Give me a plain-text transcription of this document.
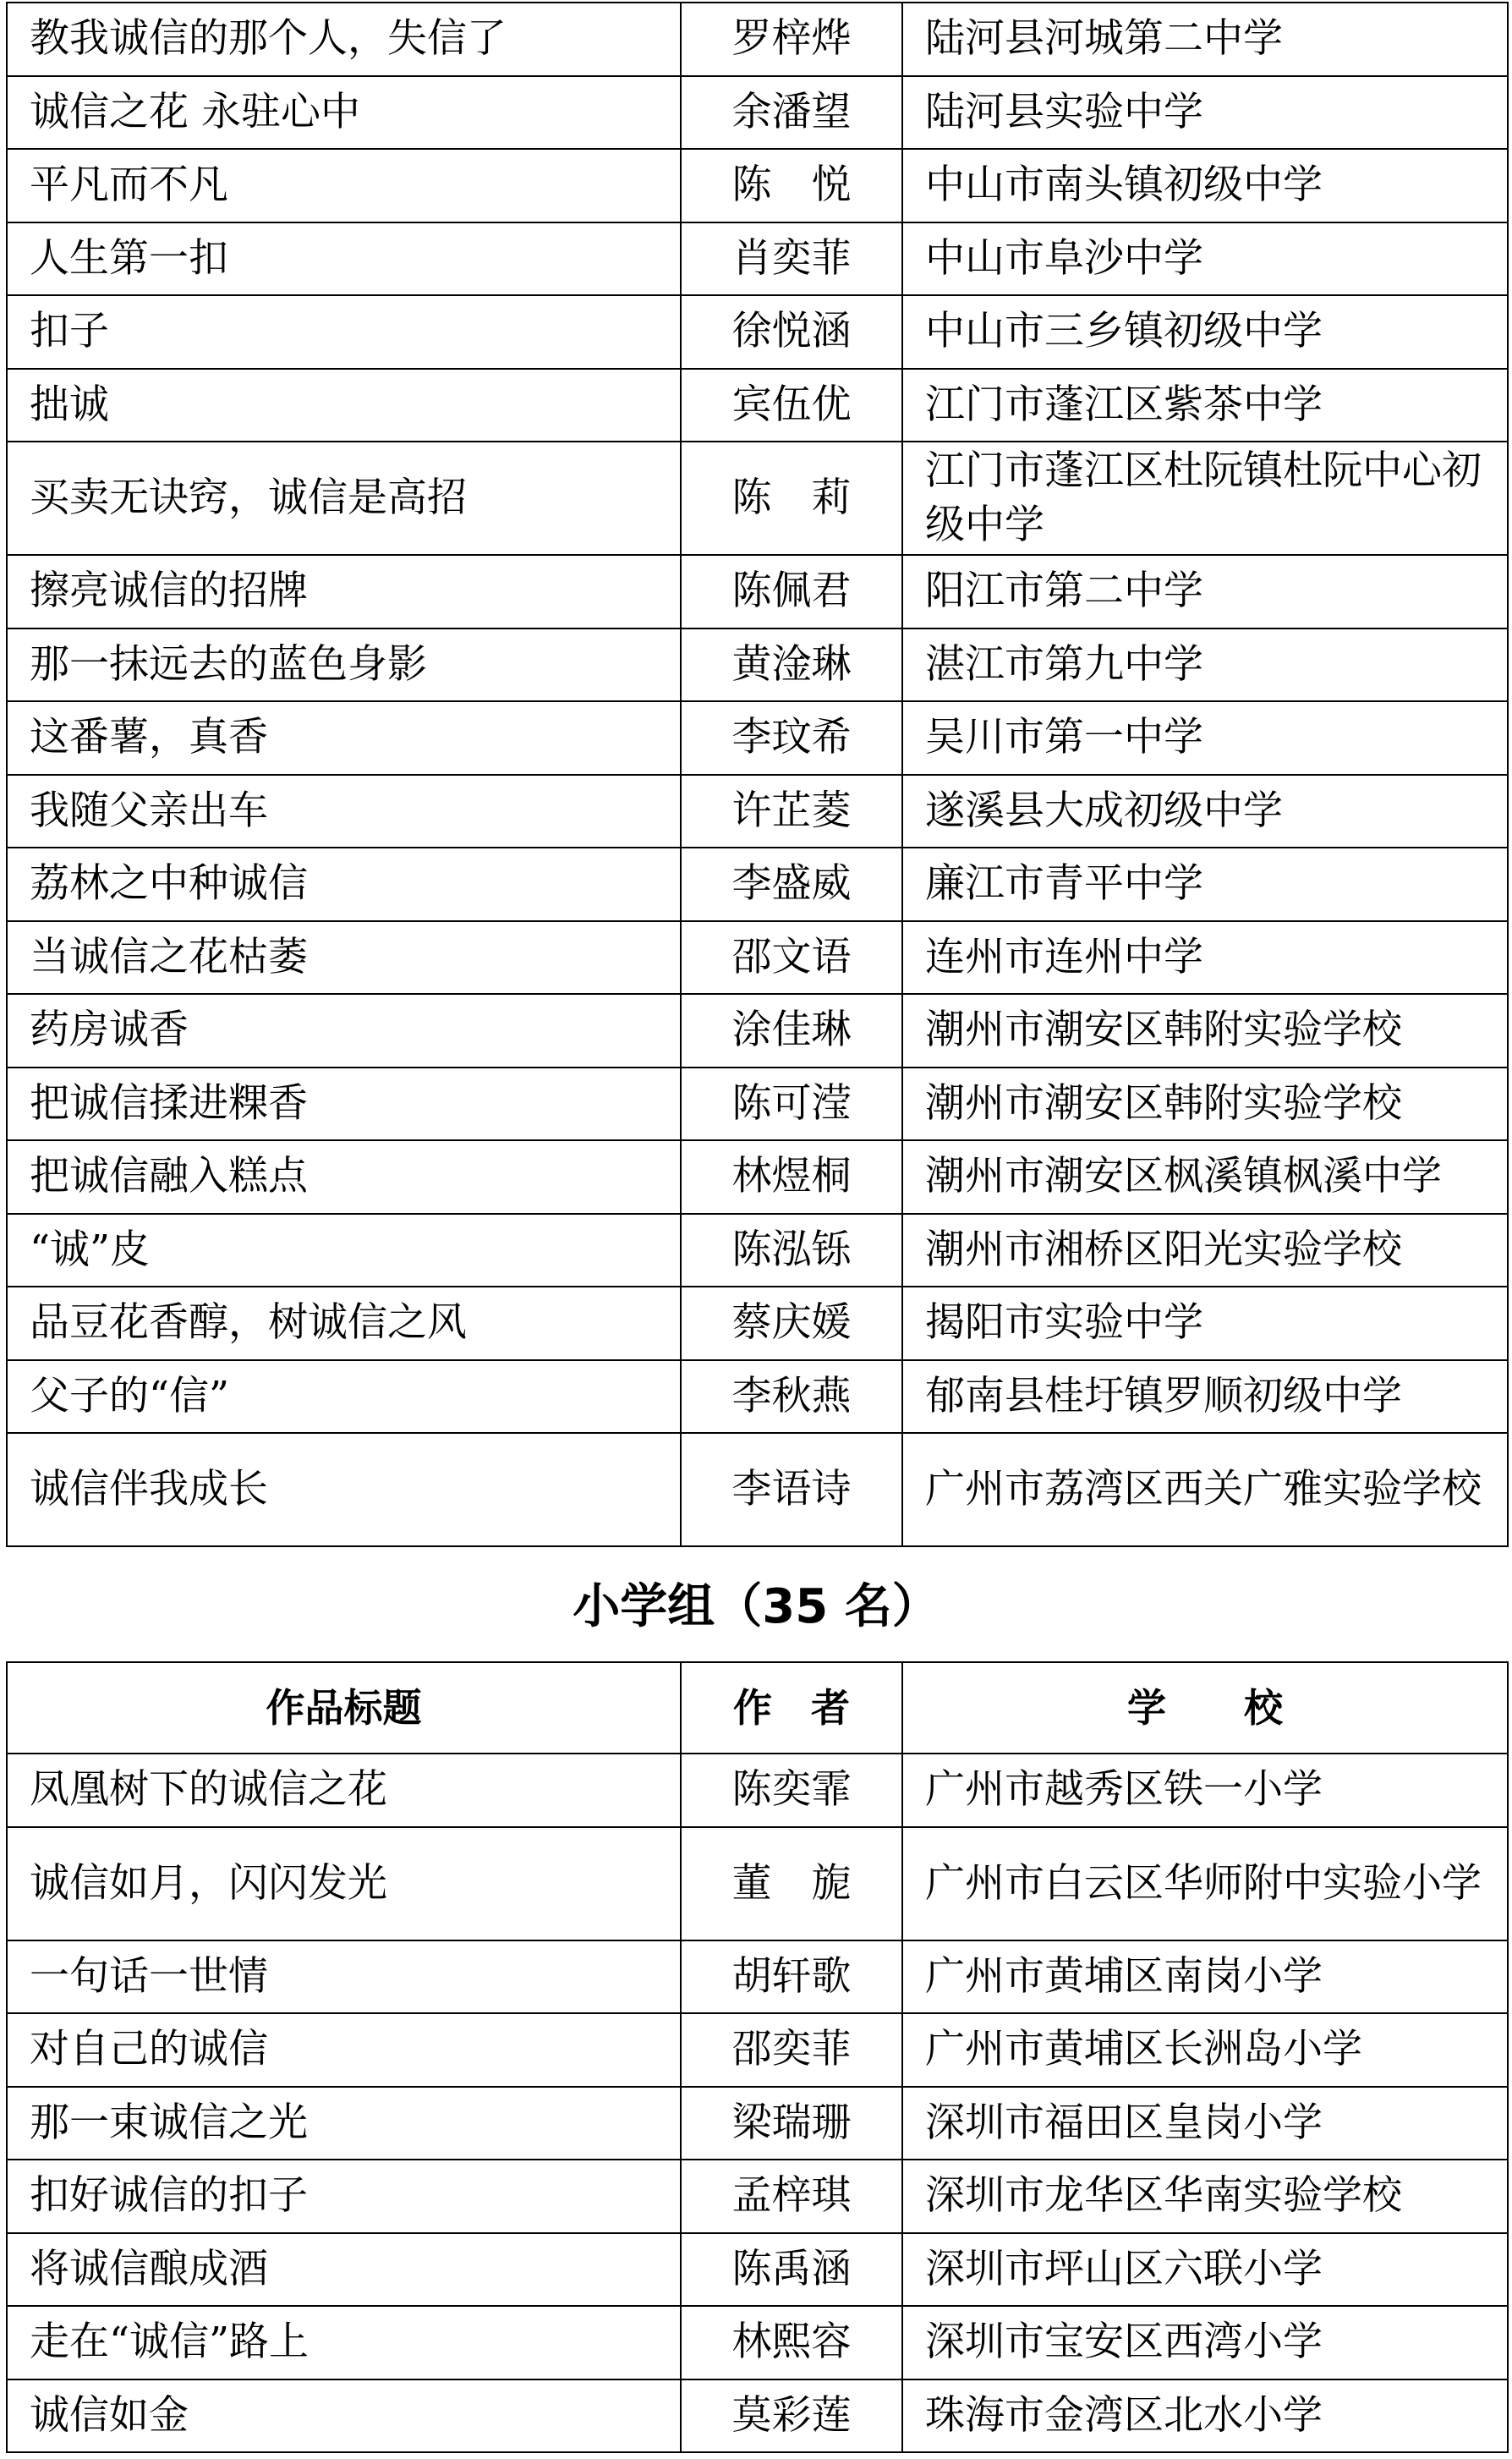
教我诚信的那个人，失信了	罗梓烨	陆河县河城第二中学
诚信之花 永驻心中	余潘望	陆河县实验中学
平凡而不凡	陈　悦	中山市南头镇初级中学
人生第一扣	肖奕菲	中山市阜沙中学
扣子	徐悦涵	中山市三乡镇初级中学
拙诚	宾伍优	江门市蓬江区紫茶中学
买卖无诀窍，诚信是高招	陈　莉	江门市蓬江区杜阮镇杜阮中心初级中学
擦亮诚信的招牌	陈佩君	阳江市第二中学
那一抹远去的蓝色身影	黄淦琳	湛江市第九中学
这番薯，真香	李玟希	吴川市第一中学
我随父亲出车	许芷菱	遂溪县大成初级中学
荔林之中种诚信	李盛威	廉江市青平中学
当诚信之花枯萎	邵文语	连州市连州中学
药房诚香	涂佳琳	潮州市潮安区韩附实验学校
把诚信揉进粿香	陈可滢	潮州市潮安区韩附实验学校
把诚信融入糕点	林煜桐	潮州市潮安区枫溪镇枫溪中学
“诚”皮	陈泓铄	潮州市湘桥区阳光实验学校
品豆花香醇，树诚信之风	蔡庆媛	揭阳市实验中学
父子的“信”	李秋燕	郁南县桂圩镇罗顺初级中学
诚信伴我成长	李语诗	广州市荔湾区西关广雅实验学校
小学组（35 名）
作品标题	作　者	学　　校
凤凰树下的诚信之花	陈奕霏	广州市越秀区铁一小学
诚信如月，闪闪发光	董　旎	广州市白云区华师附中实验小学
一句话一世情	胡轩歌	广州市黄埔区南岗小学
对自己的诚信	邵奕菲	广州市黄埔区长洲岛小学
那一束诚信之光	梁瑞珊	深圳市福田区皇岗小学
扣好诚信的扣子	孟梓琪	深圳市龙华区华南实验学校
将诚信酿成酒	陈禹涵	深圳市坪山区六联小学
走在“诚信”路上	林熙容	深圳市宝安区西湾小学
诚信如金	莫彩莲	珠海市金湾区北水小学
